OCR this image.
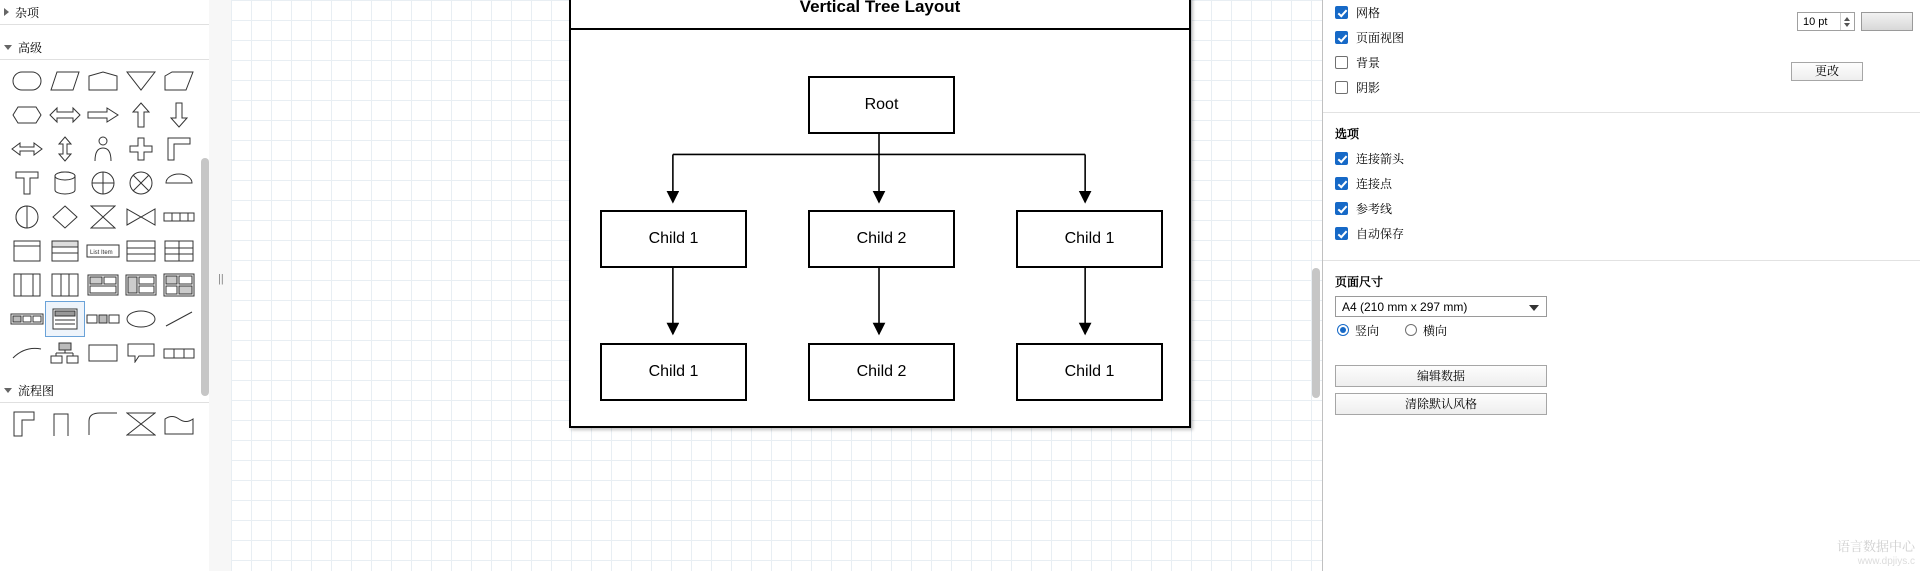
杂项
高级
List Item
流程图
||
Vertical Tree Layout
Root
Child 1	Child 2	Child 1
Child 1	Child 2	Child 1
网格
10 pt
页面视图
背景
更改
阴影
选项
连接箭头
连接点
参考线
自动保存
页面尺寸
A4 (210 mm x 297 mm)
竖向	横向
编辑数据
清除默认风格
语言数据中心
www.dpjiys.c
